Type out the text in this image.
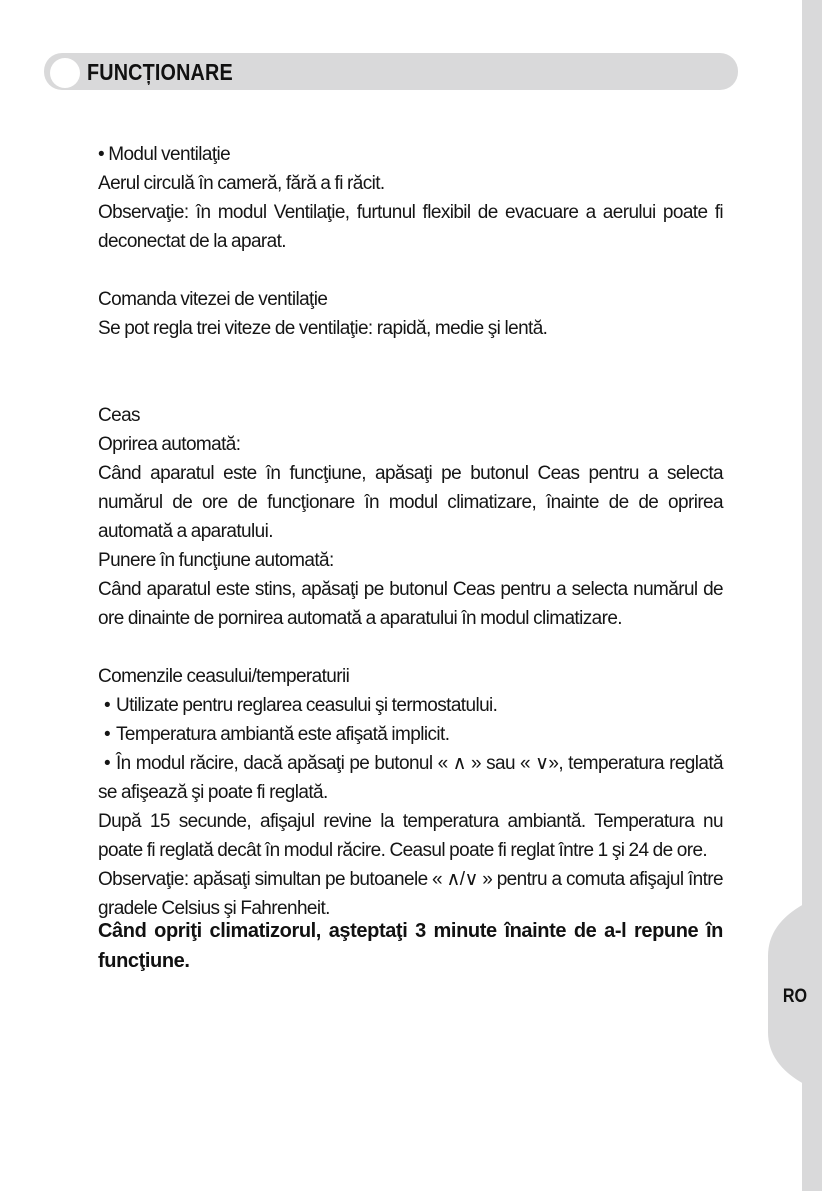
RO
FUNCȚIONARE

• Modul ventilaţie

Aerul circulă în cameră, fără a fi răcit.

Observaţie: în modul Ventilaţie, furtunul flexibil de evacuare a aerului poate fi deconectat de la aparat.

Comanda vitezei de ventilaţie

Se pot regla trei viteze de ventilaţie: rapidă, medie şi lentă.

Ceas

Oprirea automată:

Când aparatul este în funcţiune, apăsaţi pe butonul Ceas pentru a selecta numărul de ore de funcţionare în modul climatizare, înainte de de oprirea automată a aparatului.

Punere în funcţiune automată:

Când aparatul este stins, apăsaţi pe butonul Ceas pentru a selecta numărul de ore dinainte de pornirea automată a aparatului în modul climatizare.

Comenzile ceasului/temperaturii

• Utilizate pentru reglarea ceasului şi termostatului.

• Temperatura ambiantă este afişată implicit.

• În modul răcire, dacă apăsaţi pe butonul « ∧ » sau « ∨», temperatura reglată se afişează şi poate fi reglată.

După 15 secunde, afişajul revine la temperatura ambiantă. Temperatura nu poate fi reglată decât în modul răcire. Ceasul poate fi reglat între 1 şi 24 de ore.

Observaţie: apăsaţi simultan pe butoanele « ∧/∨ » pentru a comuta afişajul între gradele Celsius şi Fahrenheit.

Când opriţi climatizorul, aşteptaţi 3 minute înainte de a-l repune în funcţiune.
